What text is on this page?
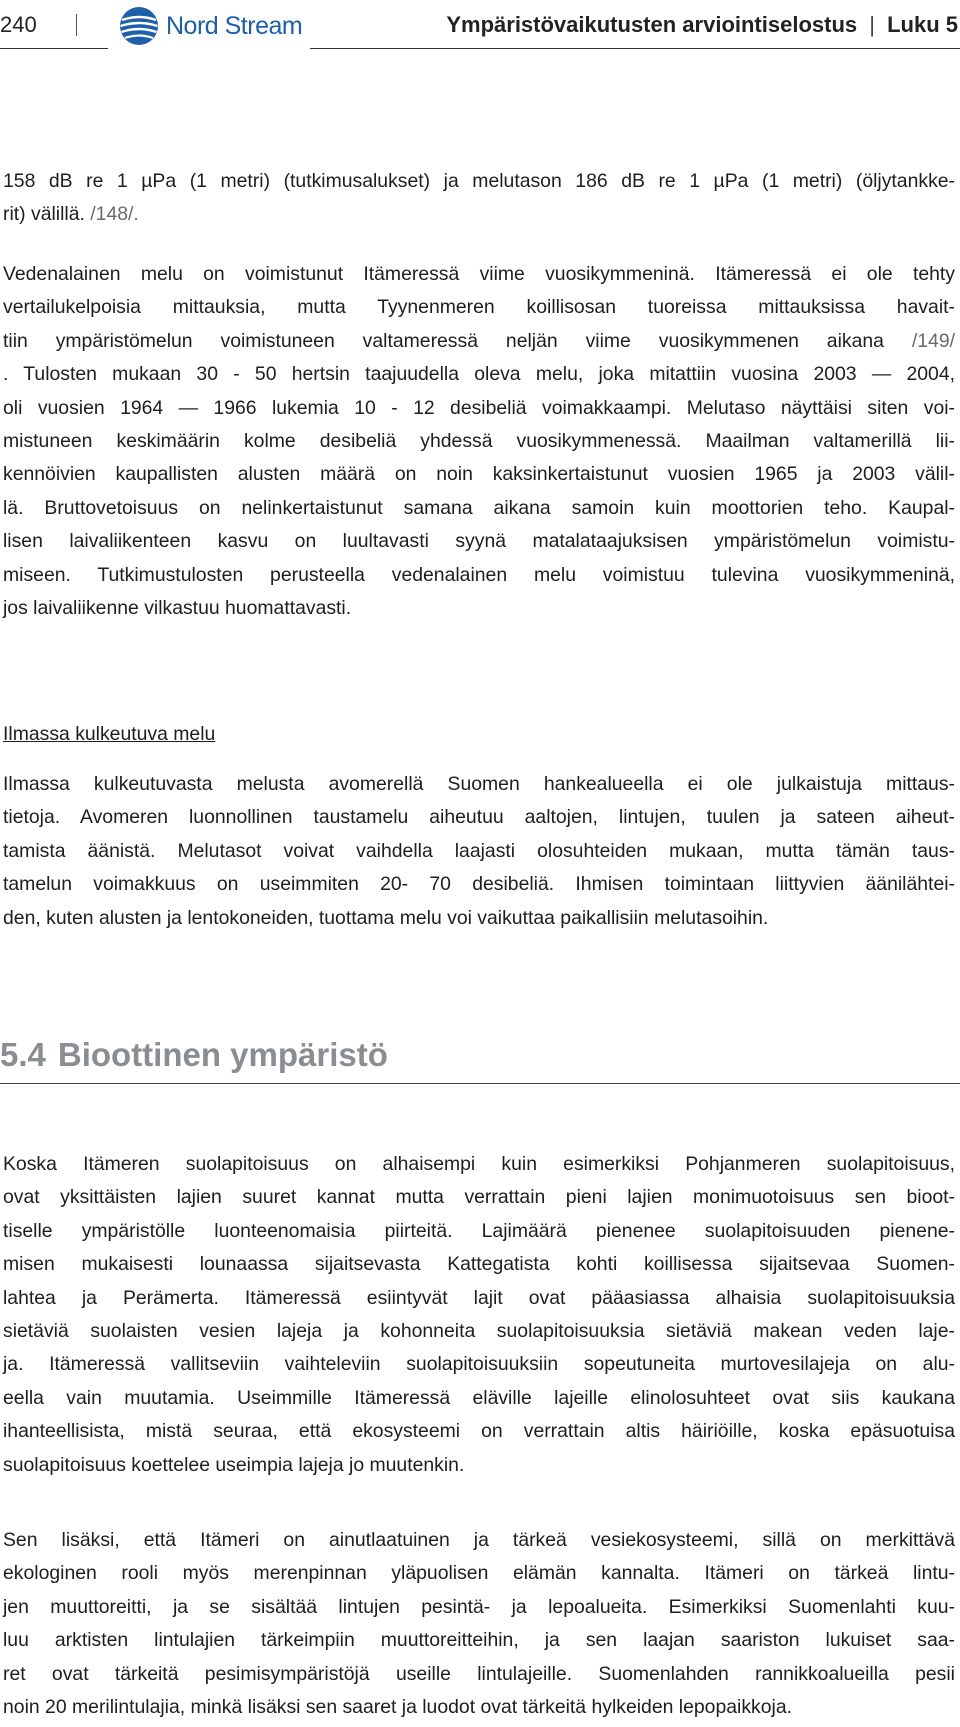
240	Nord Stream	Ympäristövaikutusten arviointiselostus | Luku 5
158 dB re 1 µPa (1 metri) (tutkimusalukset) ja melutason 186 dB re 1 µPa (1 metri) (öljytankke-
rit) välillä. /148/.
Vedenalainen melu on voimistunut Itämeressä viime vuosikymmeninä. Itämeressä ei ole tehty
vertailukelpoisia mittauksia, mutta Tyynenmeren koillisosan tuoreissa mittauksissa havait-
tiin ympäristömelun voimistuneen valtameressä neljän viime vuosikymmenen aikana /149/
. Tulosten mukaan 30 - 50 hertsin taajuudella oleva melu, joka mitattiin vuosina 2003 — 2004,
oli vuosien 1964 — 1966 lukemia 10 - 12 desibeliä voimakkaampi. Melutaso näyttäisi siten voi-
mistuneen keskimäärin kolme desibeliä yhdessä vuosikymmenessä. Maailman valtamerillä lii-
kennöivien kaupallisten alusten määrä on noin kaksinkertaistunut vuosien 1965 ja 2003 välil-
lä. Bruttovetoisuus on nelinkertaistunut samana aikana samoin kuin moottorien teho. Kaupal-
lisen laivaliikenteen kasvu on luultavasti syynä matalataajuksisen ympäristömelun voimistu-
miseen. Tutkimustulosten perusteella vedenalainen melu voimistuu tulevina vuosikymmeninä,
jos laivaliikenne vilkastuu huomattavasti.
Ilmassa kulkeutuva melu
Ilmassa kulkeutuvasta melusta avomerellä Suomen hankealueella ei ole julkaistuja mittaus-
tietoja. Avomeren luonnollinen taustamelu aiheutuu aaltojen, lintujen, tuulen ja sateen aiheut-
tamista äänistä. Melutasot voivat vaihdella laajasti olosuhteiden mukaan, mutta tämän taus-
tamelun voimakkuus on useimmiten 20- 70 desibeliä. Ihmisen toimintaan liittyvien äänilähtei-
den, kuten alusten ja lentokoneiden, tuottama melu voi vaikuttaa paikallisiin melutasoihin.
5.4 Bioottinen ympäristö
Koska Itämeren suolapitoisuus on alhaisempi kuin esimerkiksi Pohjanmeren suolapitoisuus,
ovat yksittäisten lajien suuret kannat mutta verrattain pieni lajien monimuotoisuus sen bioot-
tiselle ympäristölle luonteenomaisia piirteitä. Lajimäärä pienenee suolapitoisuuden pienene-
misen mukaisesti lounaassa sijaitsevasta Kattegatista kohti koillisessa sijaitsevaa Suomen-
lahtea ja Perämerta. Itämeressä esiintyvät lajit ovat pääasiassa alhaisia suolapitoisuuksia
sietäviä suolaisten vesien lajeja ja kohonneita suolapitoisuuksia sietäviä makean veden laje-
ja. Itämeressä vallitseviin vaihteleviin suolapitoisuuksiin sopeutuneita murtovesilajeja on alu-
eella vain muutamia. Useimmille Itämeressä eläville lajeille elinolosuhteet ovat siis kaukana
ihanteellisista, mistä seuraa, että ekosysteemi on verrattain altis häiriöille, koska epäsuotuisa
suolapitoisuus koettelee useimpia lajeja jo muutenkin.
Sen lisäksi, että Itämeri on ainutlaatuinen ja tärkeä vesiekosysteemi, sillä on merkittävä
ekologinen rooli myös merenpinnan yläpuolisen elämän kannalta. Itämeri on tärkeä lintu-
jen muuttoreitti, ja se sisältää lintujen pesintä- ja lepoalueita. Esimerkiksi Suomenlahti kuu-
luu arktisten lintulajien tärkeimpiin muuttoreitteihin, ja sen laajan saariston lukuiset saa-
ret ovat tärkeitä pesimisympäristöjä useille lintulajeille. Suomenlahden rannikkoalueilla pesii
noin 20 merilintulajia, minkä lisäksi sen saaret ja luodot ovat tärkeitä hylkeiden lepopaikkoja.
